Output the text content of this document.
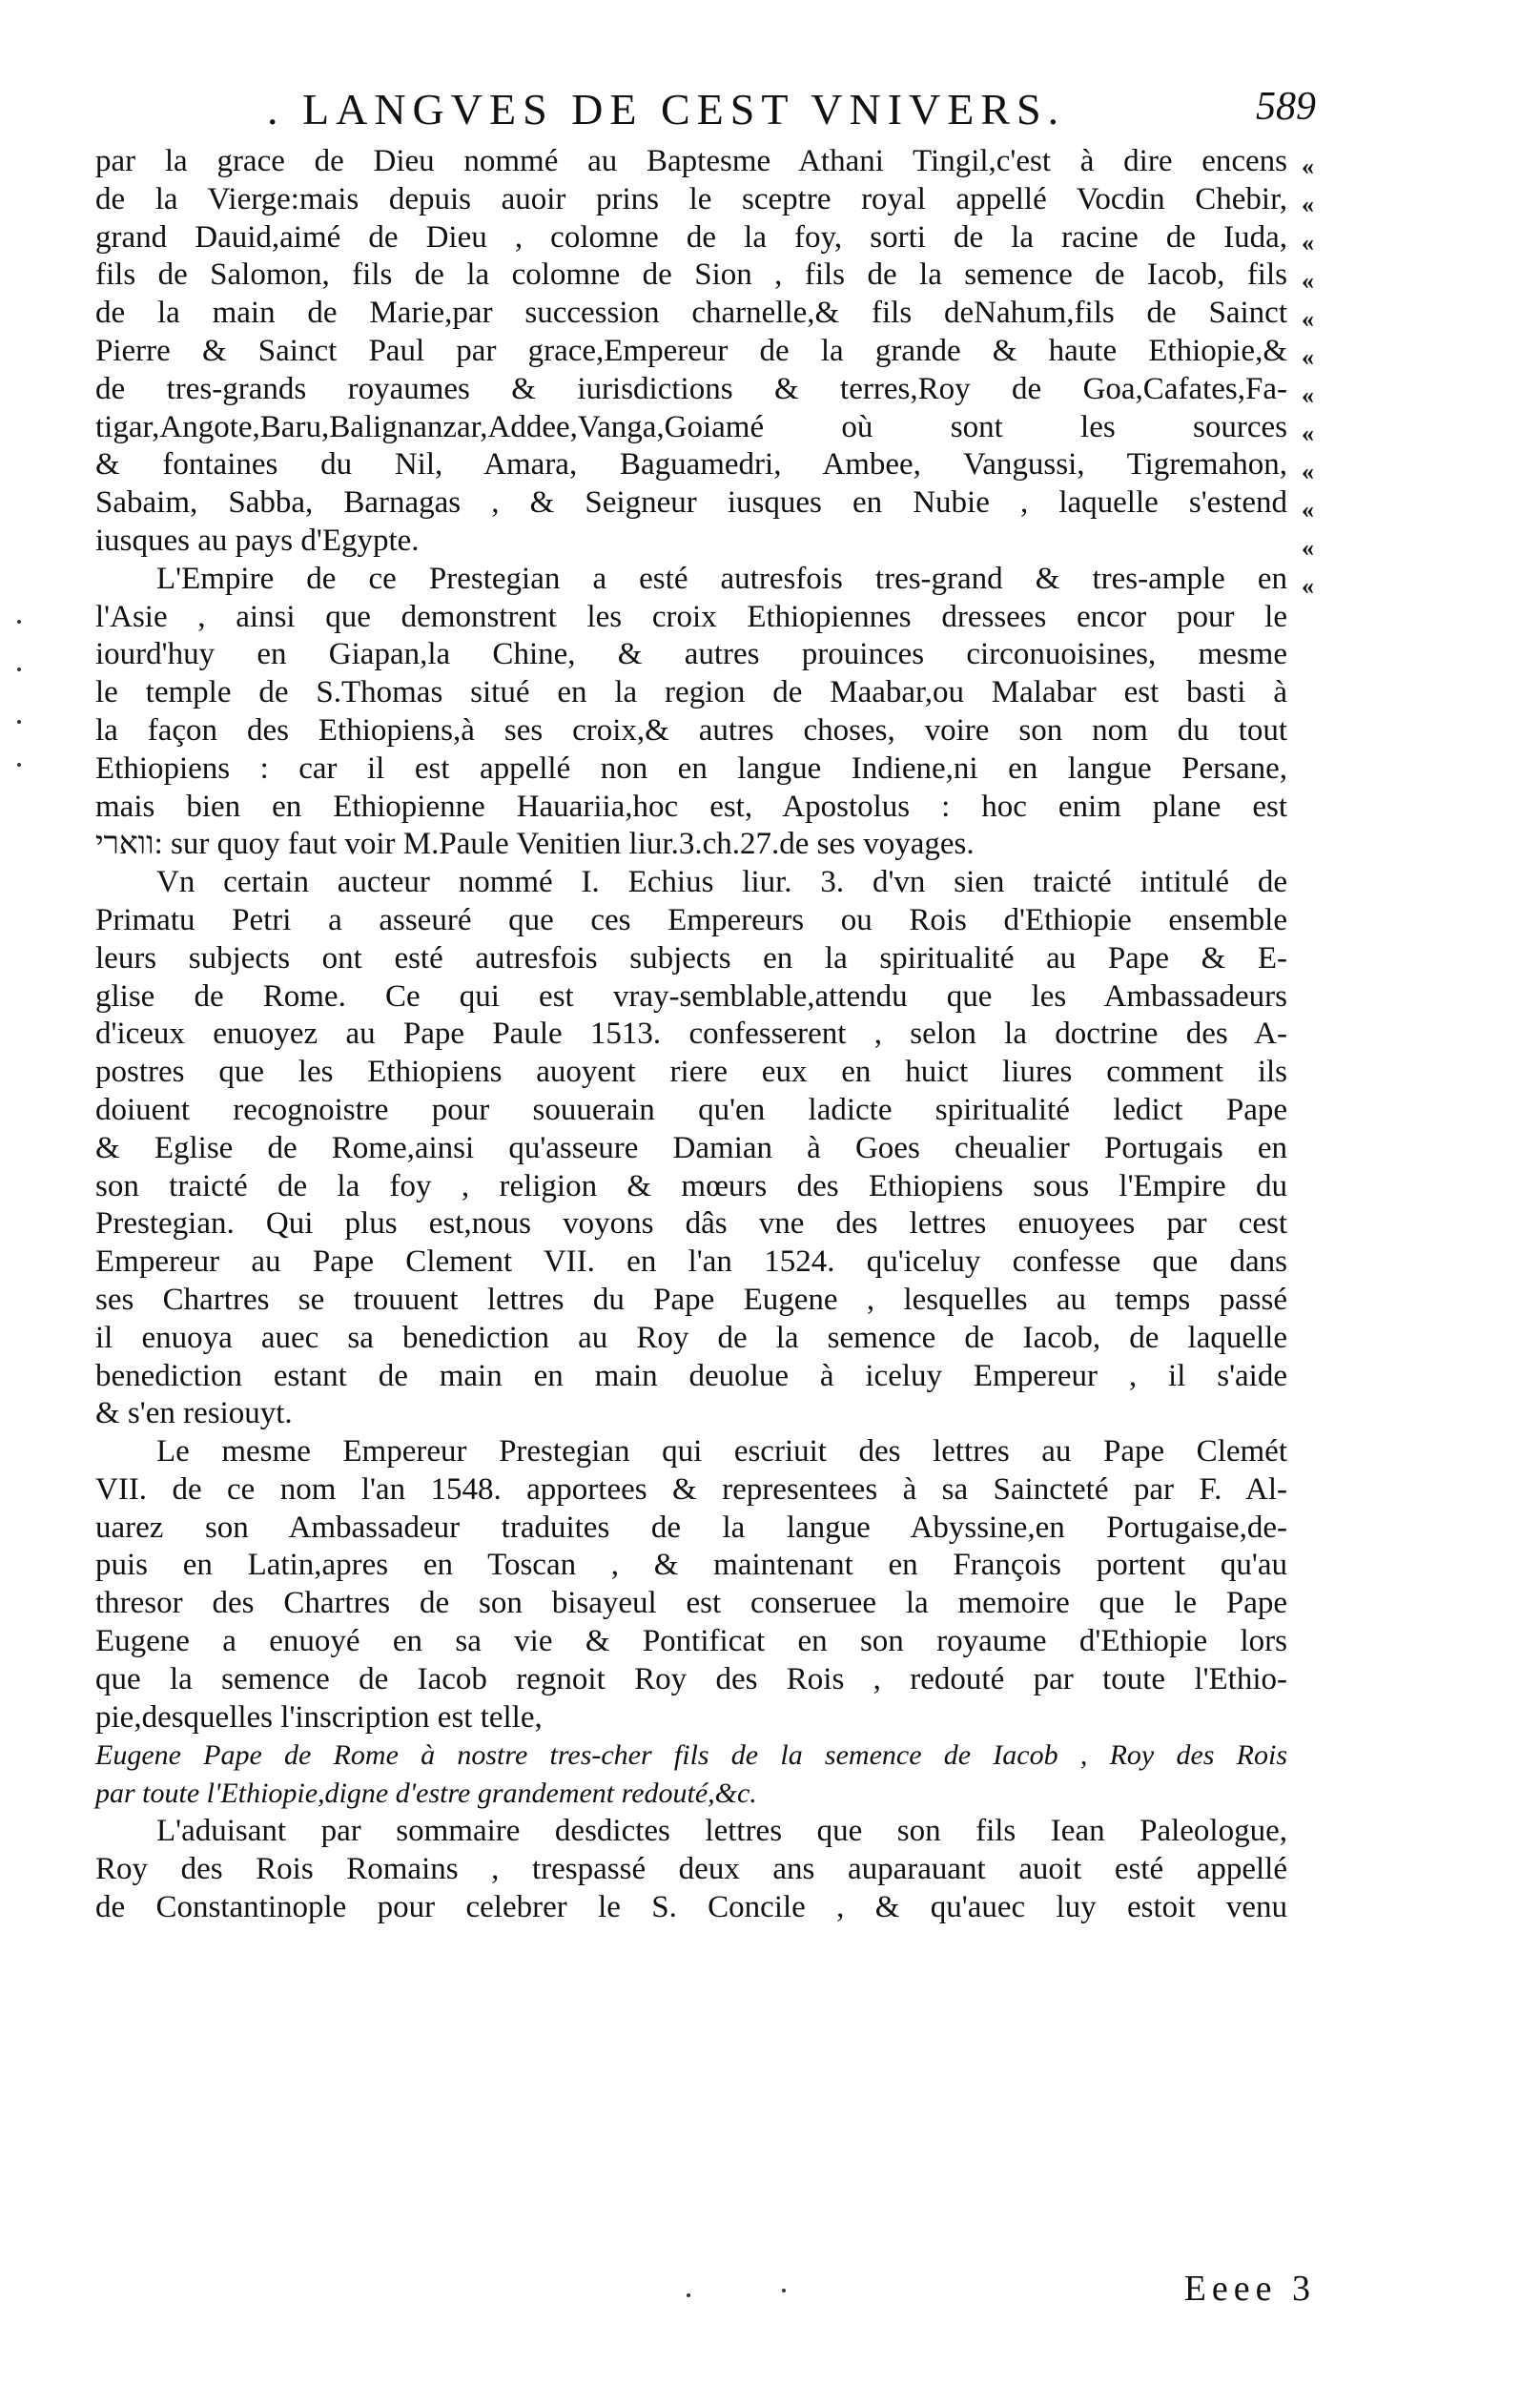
. LANGVES DE CEST VNIVERS.	589
par la grace de Dieu nommé au Baptesme Athani Tingil,c'est à dire encens
de la Vierge:mais depuis auoir prins le sceptre royal appellé Vocdin Chebir,
grand Dauid,aimé de Dieu , colomne de la foy, sorti de la racine de Iuda,
fils de Salomon, fils de la colomne de Sion , fils de la semence de Iacob, fils
de la main de Marie,par succession charnelle,& fils deNahum,fils de Sainct
Pierre & Sainct Paul par grace,Empereur de la grande & haute Ethiopie,&
de tres-grands royaumes & iurisdictions & terres,Roy de Goa,Cafates,Fa-
tigar,Angote,Baru,Balignanzar,Addee,Vanga,Goiamé où sont les sources
& fontaines du Nil, Amara, Baguamedri, Ambee, Vangussi, Tigremahon,
Sabaim, Sabba, Barnagas , & Seigneur iusques en Nubie , laquelle s'estend
iusques au pays d'Egypte.
L'Empire de ce Prestegian a esté autresfois tres-grand & tres-ample en
l'Asie , ainsi que demonstrent les croix Ethiopiennes dressees encor pour le
iourd'huy en Giapan,la Chine, & autres prouinces circonuoisines, mesme
le temple de S.Thomas situé en la region de Maabar,ou Malabar est basti à
la façon des Ethiopiens,à ses croix,& autres choses, voire son nom du tout
Ethiopiens : car il est appellé non en langue Indiene,ni en langue Persane,
mais bien en Ethiopienne Hauariia,hoc est, Apostolus : hoc enim plane est
ווארי: sur quoy faut voir M.Paule Venitien liur.3.ch.27.de ses voyages.
Vn certain aucteur nommé I. Echius liur. 3. d'vn sien traicté intitulé de
Primatu Petri a asseuré que ces Empereurs ou Rois d'Ethiopie ensemble
leurs subjects ont esté autresfois subjects en la spiritualité au Pape & E-
glise de Rome. Ce qui est vray-semblable,attendu que les Ambassadeurs
d'iceux enuoyez au Pape Paule 1513. confesserent , selon la doctrine des A-
postres que les Ethiopiens auoyent riere eux en huict liures comment ils
doiuent recognoistre pour souuerain qu'en ladicte spiritualité ledict Pape
& Eglise de Rome,ainsi qu'asseure Damian à Goes cheualier Portugais en
son traicté de la foy , religion & mœurs des Ethiopiens sous l'Empire du
Prestegian. Qui plus est,nous voyons dâs vne des lettres enuoyees par cest
Empereur au Pape Clement VII. en l'an 1524. qu'iceluy confesse que dans
ses Chartres se trouuent lettres du Pape Eugene , lesquelles au temps passé
il enuoya auec sa benediction au Roy de la semence de Iacob, de laquelle
benediction estant de main en main deuolue à iceluy Empereur , il s'aide
& s'en resiouyt.
Le mesme Empereur Prestegian qui escriuit des lettres au Pape Clemét
VII. de ce nom l'an 1548. apportees & representees à sa Saincteté par F. Al-
uarez son Ambassadeur traduites de la langue Abyssine,en Portugaise,de-
puis en Latin,apres en Toscan , & maintenant en François portent qu'au
thresor des Chartres de son bisayeul est conseruee la memoire que le Pape
Eugene a enuoyé en sa vie & Pontificat en son royaume d'Ethiopie lors
que la semence de Iacob regnoit Roy des Rois , redouté par toute l'Ethio-
pie,desquelles l'inscription est telle,
Eugene Pape de Rome à nostre tres-cher fils de la semence de Iacob , Roy des Rois
par toute l'Ethiopie,digne d'estre grandement redouté,&c.
L'aduisant par sommaire desdictes lettres que son fils Iean Paleologue,
Roy des Rois Romains , trespassé deux ans auparauant auoit esté appellé
de Constantinople pour celebrer le S. Concile , & qu'auec luy estoit venu
«
«
«
«
«
«
«
«
«
«
«
«
Eeee 3
